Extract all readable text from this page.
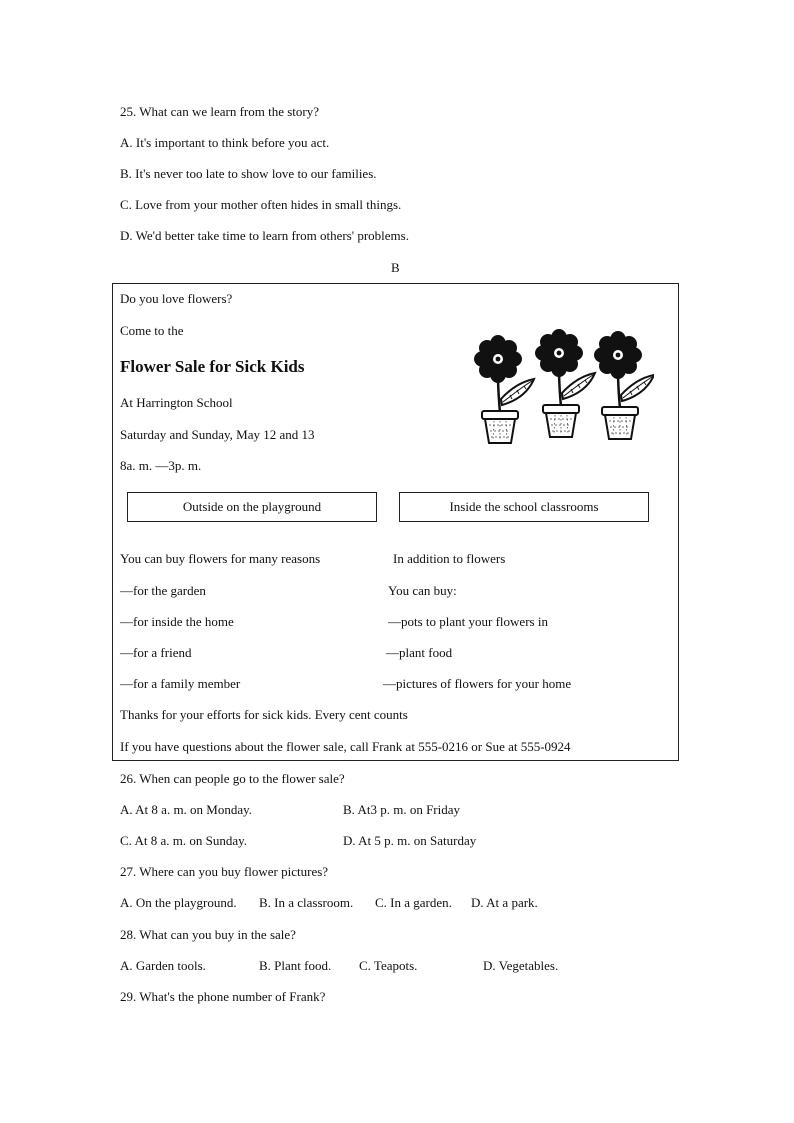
25. What can we learn from the story?
A. It's important to think before you act.
B. It's never too late to show love to our families.
C. Love from your mother often hides in small things.
D. We'd better take time to learn from others' problems.
B
Do you love flowers?
Come to the
Flower Sale for Sick Kids
At Harrington School
Saturday and Sunday, May 12 and 13
8a. m. —3p. m.
Outside on the playground	Inside the school classrooms
You can buy flowers for many reasons
—for the garden
—for inside the home
—for a friend
—for a family member
In addition to flowers
You can buy:
—pots to plant your flowers in
—plant food
—pictures of flowers for your home
Thanks for your efforts for sick kids. Every cent counts
If you have questions about the flower sale, call Frank at 555-0216 or Sue at 555-0924
26. When can people go to the flower sale?
A. At 8 a. m. on Monday.	B. At3 p. m. on Friday
C. At 8 a. m. on Sunday.	D. At 5 p. m. on Saturday
27. Where can you buy flower pictures?
A. On the playground. B. In a classroom. C. In a garden. D. At a park.
28. What can you buy in the sale?
A. Garden tools.	B. Plant food. C. Teapots.	D. Vegetables.
29. What's the phone number of Frank?
